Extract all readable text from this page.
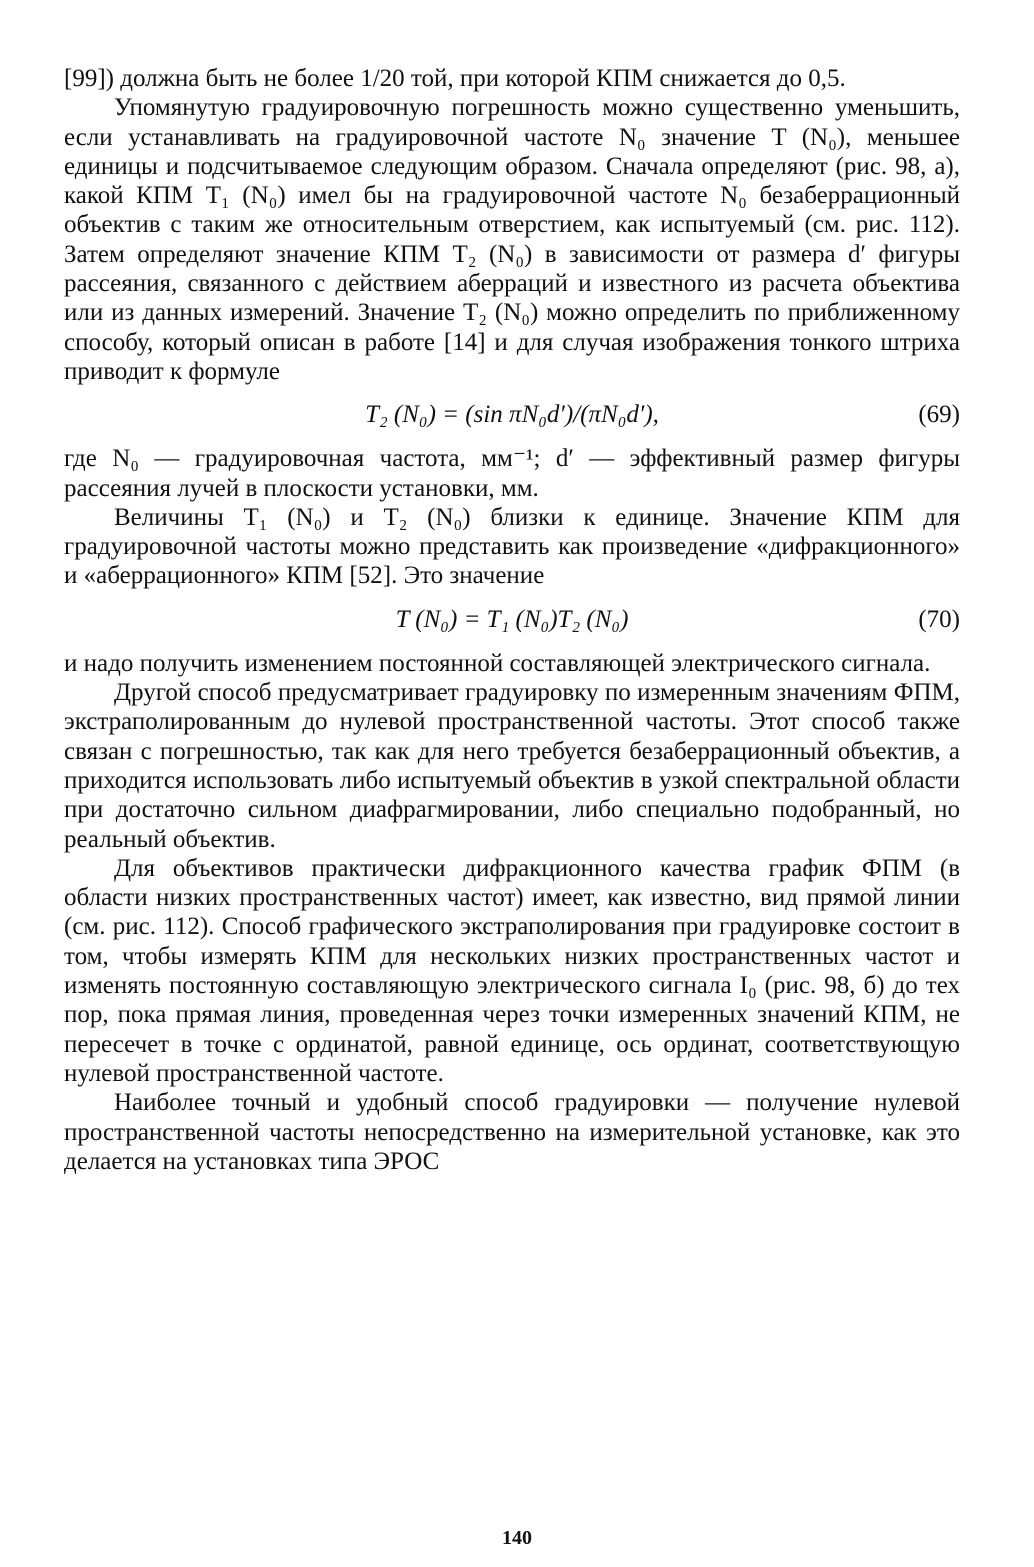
[99]) должна быть не более 1/20 той, при которой КПМ снижается до 0,5.

Упомянутую градуировочную погрешность можно существенно уменьшить, если устанавливать на градуировочной частоте N₀ значение T (N₀), меньшее единицы и подсчитываемое следующим образом. Сначала определяют (рис. 98, а), какой КПМ T₁ (N₀) имел бы на градуировочной частоте N₀ безаберрационный объектив с таким же относительным отверстием, как испытуемый (см. рис. 112). Затем определяют значение КПМ T₂ (N₀) в зависимости от размера d′ фигуры рассеяния, связанного с действием аберраций и известного из расчета объектива или из данных измерений. Значение T₂ (N₀) можно определить по приближенному способу, который описан в работе [14] и для случая изображения тонкого штриха приводит к формуле

T₂ (N₀) = (sin πN₀d′)/(πN₀d′),	(69)

где N₀ — градуировочная частота, мм⁻¹; d′ — эффективный размер фигуры рассеяния лучей в плоскости установки, мм.

Величины T₁ (N₀) и T₂ (N₀) близки к единице. Значение КПМ для градуировочной частоты можно представить как произведение «дифракционного» и «аберрационного» КПМ [52]. Это значение

T (N₀) = T₁ (N₀)T₂ (N₀)	(70)

и надо получить изменением постоянной составляющей электрического сигнала.

Другой способ предусматривает градуировку по измеренным значениям ФПМ, экстраполированным до нулевой пространственной частоты. Этот способ также связан с погрешностью, так как для него требуется безаберрационный объектив, а приходится использовать либо испытуемый объектив в узкой спектральной области при достаточно сильном диафрагмировании, либо специально подобранный, но реальный объектив.

Для объективов практически дифракционного качества график ФПМ (в области низких пространственных частот) имеет, как известно, вид прямой линии (см. рис. 112). Способ графического экстраполирования при градуировке состоит в том, чтобы измерять КПМ для нескольких низких пространственных частот и изменять постоянную составляющую электрического сигнала I₀ (рис. 98, б) до тех пор, пока прямая линия, проведенная через точки измеренных значений КПМ, не пересечет в точке с ординатой, равной единице, ось ординат, соответствующую нулевой пространственной частоте.

Наиболее точный и удобный способ градуировки — получение нулевой пространственной частоты непосредственно на измерительной установке, как это делается на установках типа ЭРОС

140
